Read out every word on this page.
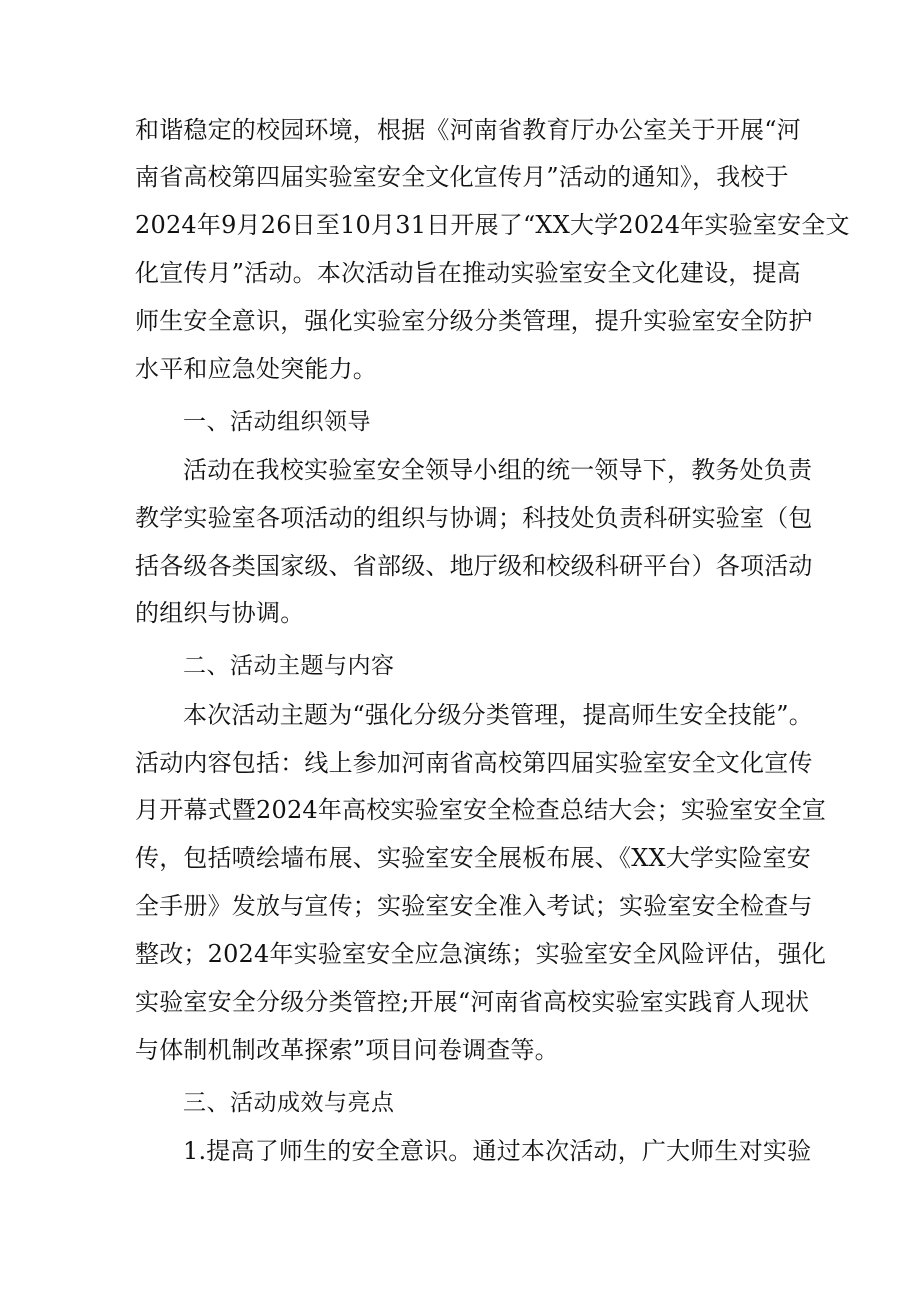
和谐稳定的校园环境，根据《河南省教育厅办公室关于开展“河
南省高校第四届实验室安全文化宣传月”活动的通知》，我校于
2024年9月26日至10月31日开展了“XX大学2024年实验室安全文
化宣传月”活动。本次活动旨在推动实验室安全文化建设，提高
师生安全意识，强化实验室分级分类管理，提升实验室安全防护
水平和应急处突能力。
一、活动组织领导
活动在我校实验室安全领导小组的统一领导下，教务处负责
教学实验室各项活动的组织与协调；科技处负责科研实验室（包
括各级各类国家级、省部级、地厅级和校级科研平台）各项活动
的组织与协调。
二、活动主题与内容
本次活动主题为“强化分级分类管理，提高师生安全技能”。
活动内容包括：线上参加河南省高校第四届实验室安全文化宣传
月开幕式暨2024年高校实验室安全检查总结大会；实验室安全宣
传，包括喷绘墙布展、实验室安全展板布展、《XX大学实险室安
全手册》发放与宣传；实验室安全准入考试；实验室安全检查与
整改；2024年实验室安全应急演练；实验室安全风险评估，强化
实验室安全分级分类管控;开展“河南省高校实验室实践育人现状
与体制机制改革探索”项目问卷调查等。
三、活动成效与亮点
1.提高了师生的安全意识。通过本次活动，广大师生对实验
